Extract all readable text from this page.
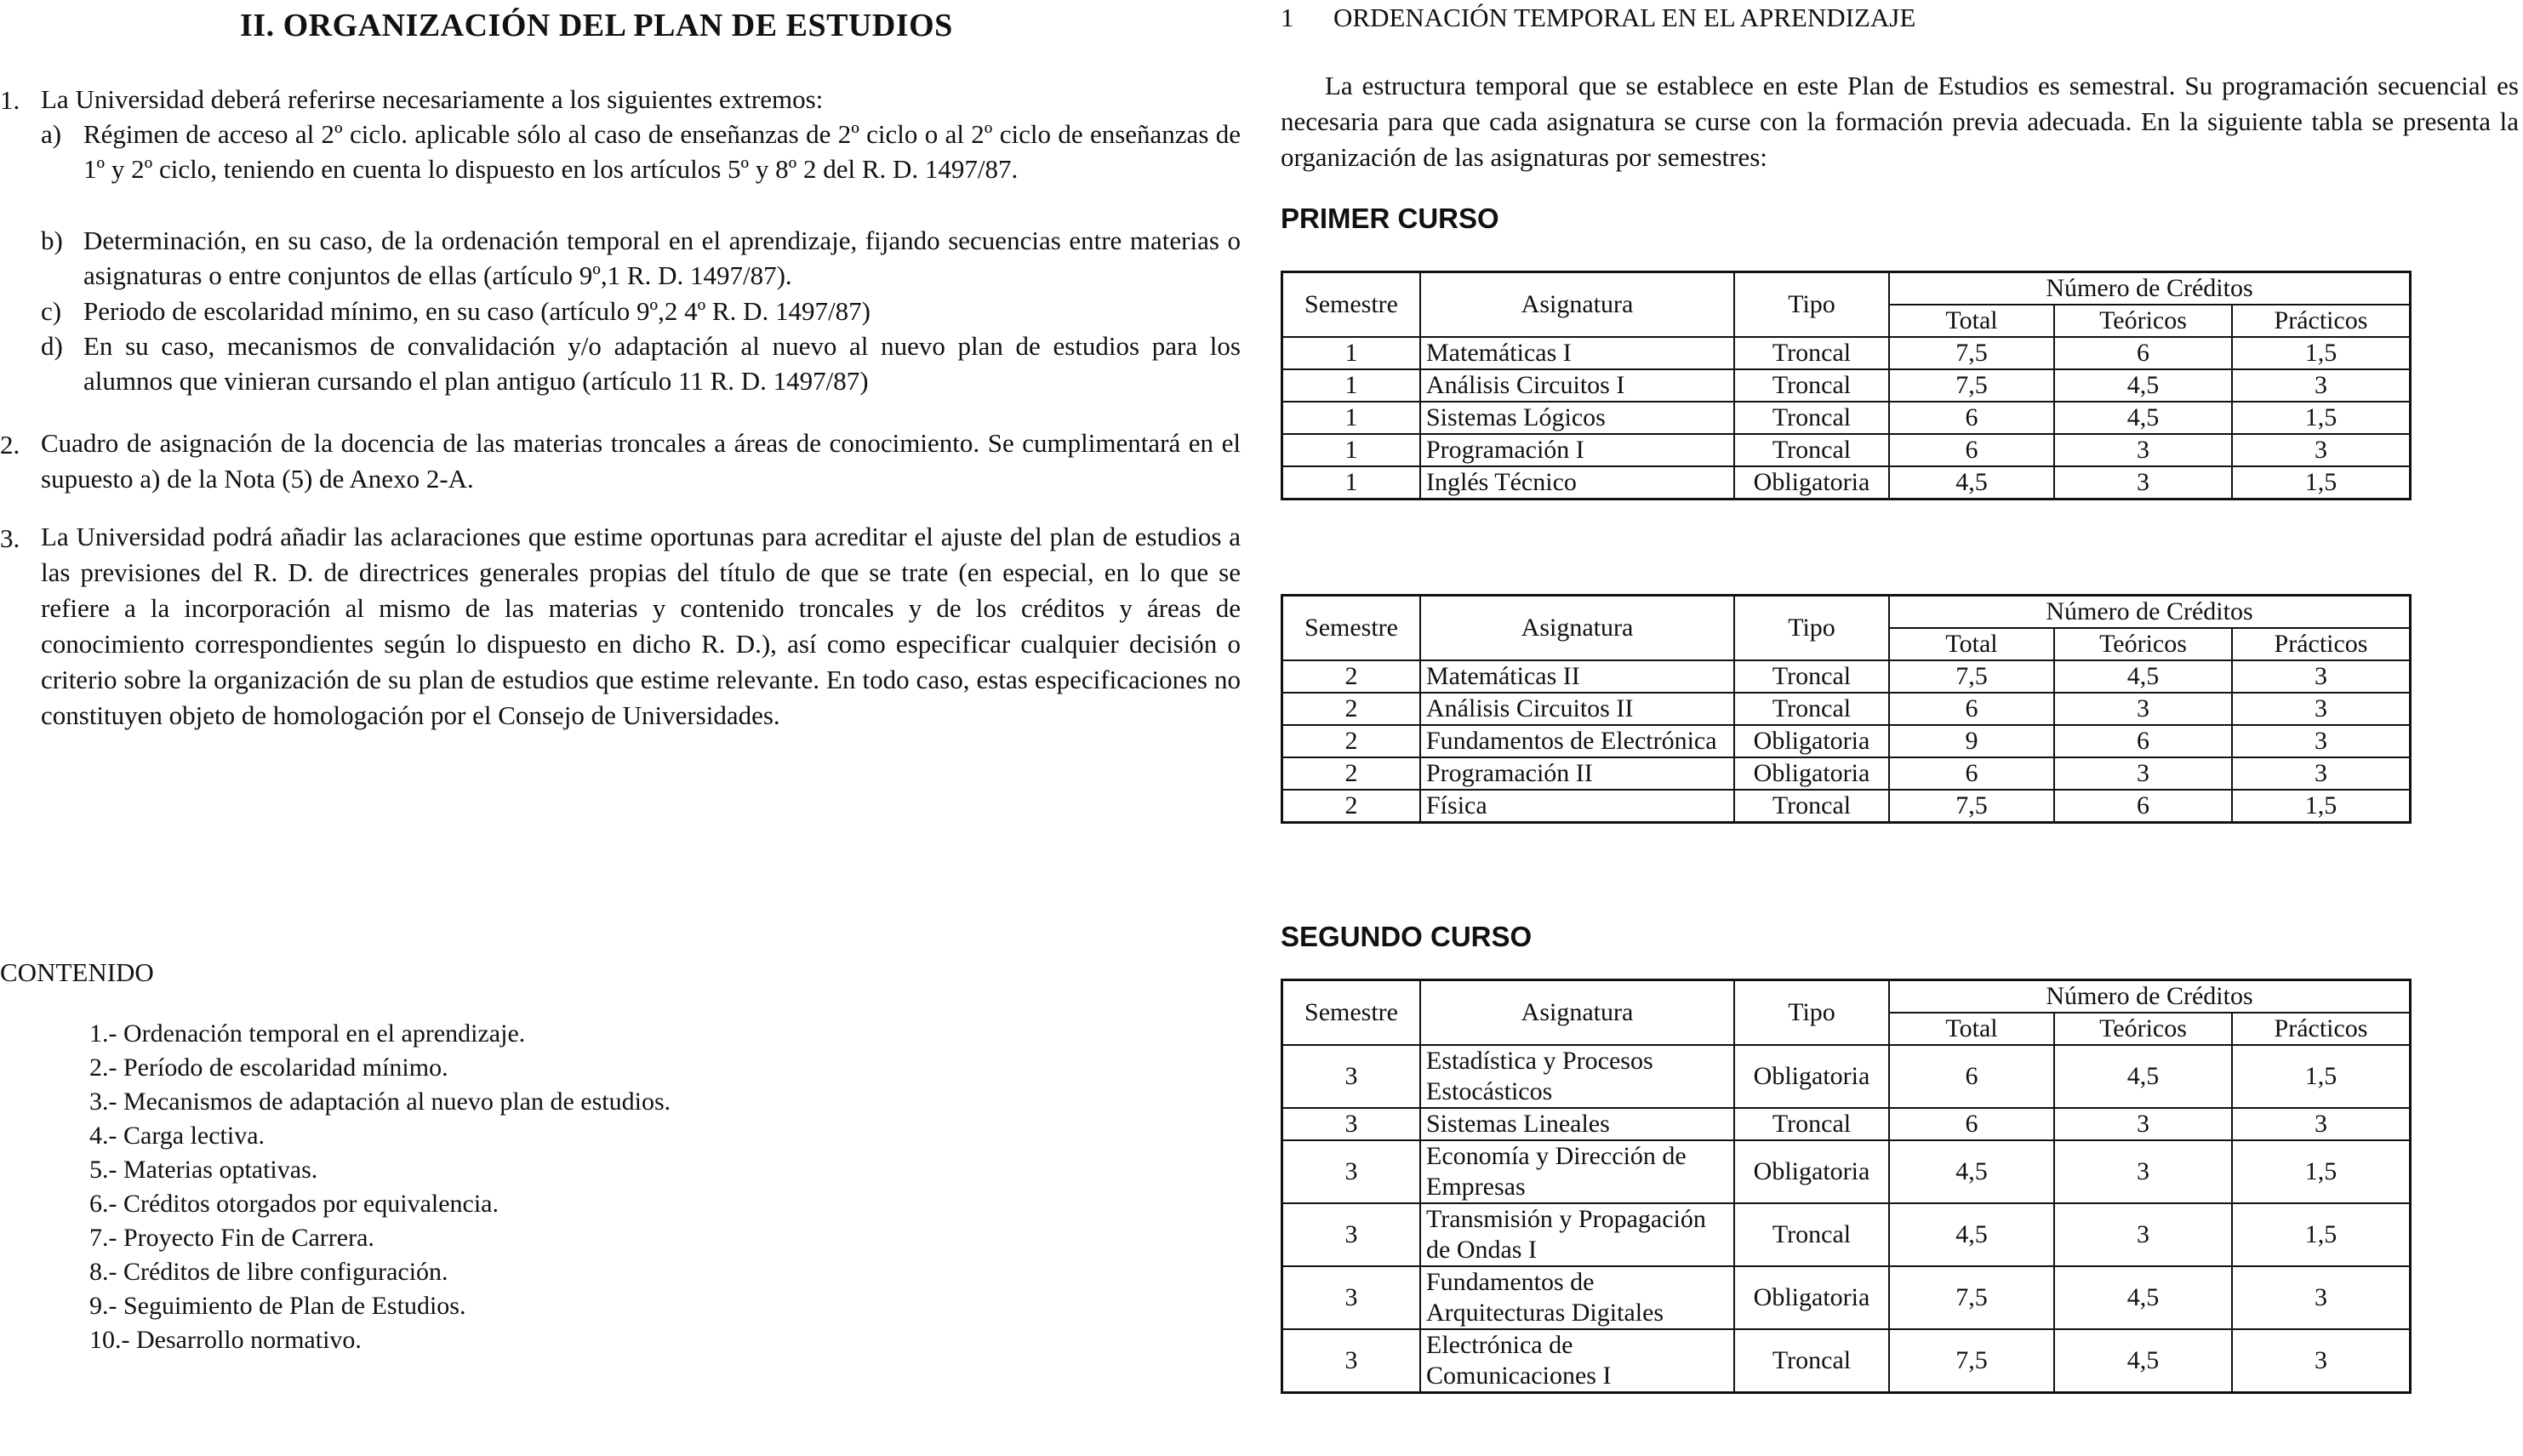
II. ORGANIZACIÓN DEL PLAN DE ESTUDIOS
1. La Universidad deberá referirse necesariamente a los siguientes extremos:
a) Régimen de acceso al 2º ciclo. aplicable sólo al caso de enseñanzas de 2º ciclo o al 2º ciclo de enseñanzas de 1º y 2º ciclo, teniendo en cuenta lo dispuesto en los artículos 5º y 8º 2 del R. D. 1497/87.
b) Determinación, en su caso, de la ordenación temporal en el aprendizaje, fijando secuencias entre materias o asignaturas o entre conjuntos de ellas (artículo 9º,1 R. D. 1497/87).
c) Periodo de escolaridad mínimo, en su caso (artículo 9º,2 4º R. D. 1497/87)
d) En su caso, mecanismos de convalidación y/o adaptación al nuevo al nuevo plan de estudios para los alumnos que vinieran cursando el plan antiguo (artículo 11 R. D. 1497/87)
2. Cuadro de asignación de la docencia de las materias troncales a áreas de conocimiento. Se cumplimentará en el supuesto a) de la Nota (5) de Anexo 2-A.
3. La Universidad podrá añadir las aclaraciones que estime oportunas para acreditar el ajuste del plan de estudios a las previsiones del R. D. de directrices generales propias del título de que se trate (en especial, en lo que se refiere a la incorporación al mismo de las materias y contenido troncales y de los créditos y áreas de conocimiento correspondientes según lo dispuesto en dicho R. D.), así como especificar cualquier decisión o criterio sobre la organización de su plan de estudios que estime relevante. En todo caso, estas especificaciones no constituyen objeto de homologación por el Consejo de Universidades.
CONTENIDO
1.- Ordenación temporal en el aprendizaje.
2.- Período de escolaridad mínimo.
3.- Mecanismos de adaptación al nuevo plan de estudios.
4.- Carga lectiva.
5.- Materias optativas.
6.- Créditos otorgados por equivalencia.
7.- Proyecto Fin de Carrera.
8.- Créditos de libre configuración.
9.- Seguimiento de Plan de Estudios.
10.- Desarrollo normativo.
1 ORDENACIÓN TEMPORAL EN EL APRENDIZAJE
La estructura temporal que se establece en este Plan de Estudios es semestral. Su programación secuencial es necesaria para que cada asignatura se curse con la formación previa adecuada. En la siguiente tabla se presenta la organización de las asignaturas por semestres:
PRIMER CURSO
Semestre	Asignatura	Tipo	Número de Créditos		
			Total	Teóricos	Prácticos
1	Matemáticas I	Troncal	7,5	6	1,5
1	Análisis Circuitos I	Troncal	7,5	4,5	3
1	Sistemas Lógicos	Troncal	6	4,5	1,5
1	Programación I	Troncal	6	3	3
1	Inglés Técnico	Obligatoria	4,5	3	1,5
Semestre	Asignatura	Tipo	Número de Créditos		
			Total	Teóricos	Prácticos
2	Matemáticas II	Troncal	7,5	4,5	3
2	Análisis Circuitos II	Troncal	6	3	3
2	Fundamentos de Electrónica	Obligatoria	9	6	3
2	Programación II	Obligatoria	6	3	3
2	Física	Troncal	7,5	6	1,5
SEGUNDO CURSO
Semestre	Asignatura	Tipo	Número de Créditos		
			Total	Teóricos	Prácticos
3	Estadística y Procesos Estocásticos	Obligatoria	6	4,5	1,5
3	Sistemas Lineales	Troncal	6	3	3
3	Economía y Dirección de Empresas	Obligatoria	4,5	3	1,5
3	Transmisión y Propagación de Ondas I	Troncal	4,5	3	1,5
3	Fundamentos de Arquitecturas Digitales	Obligatoria	7,5	4,5	3
3	Electrónica de Comunicaciones I	Troncal	7,5	4,5	3
